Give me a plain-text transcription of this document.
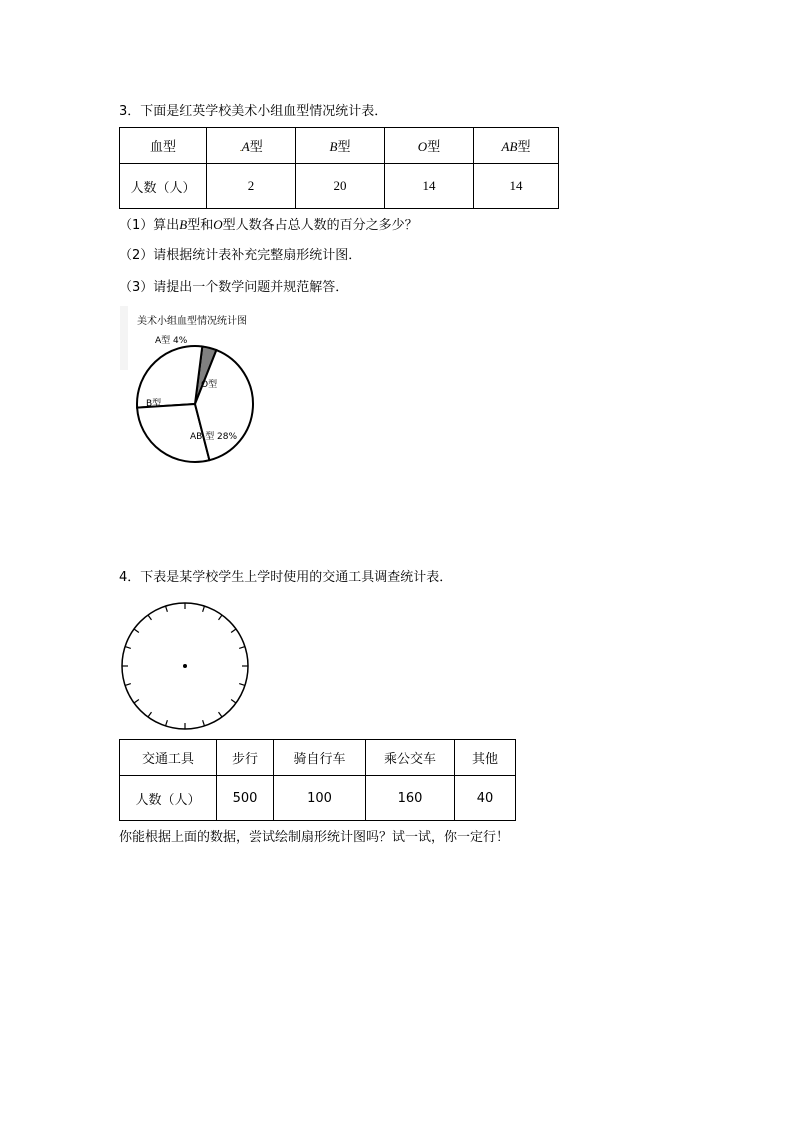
3．下面是红英学校美术小组血型情况统计表．
血型	.A型	B型	O型	AB型
人数（人）	2	20	14	14
（1）算出B型和O型人数各占总人数的百分之多少？
（2）请根据统计表补充完整扇形统计图．
（3）请提出一个数学问题并规范解答．
美术小组血型情况统计图
A型 4%
O型
AB 型 28%
B型
4．下表是某学校学生上学时使用的交通工具调查统计表．
交通工具	步行	骑自行车	乘公交车	其他
人数（人）	500	100	160	40
你能根据上面的数据，尝试绘制扇形统计图吗？试一试，你一定行！
